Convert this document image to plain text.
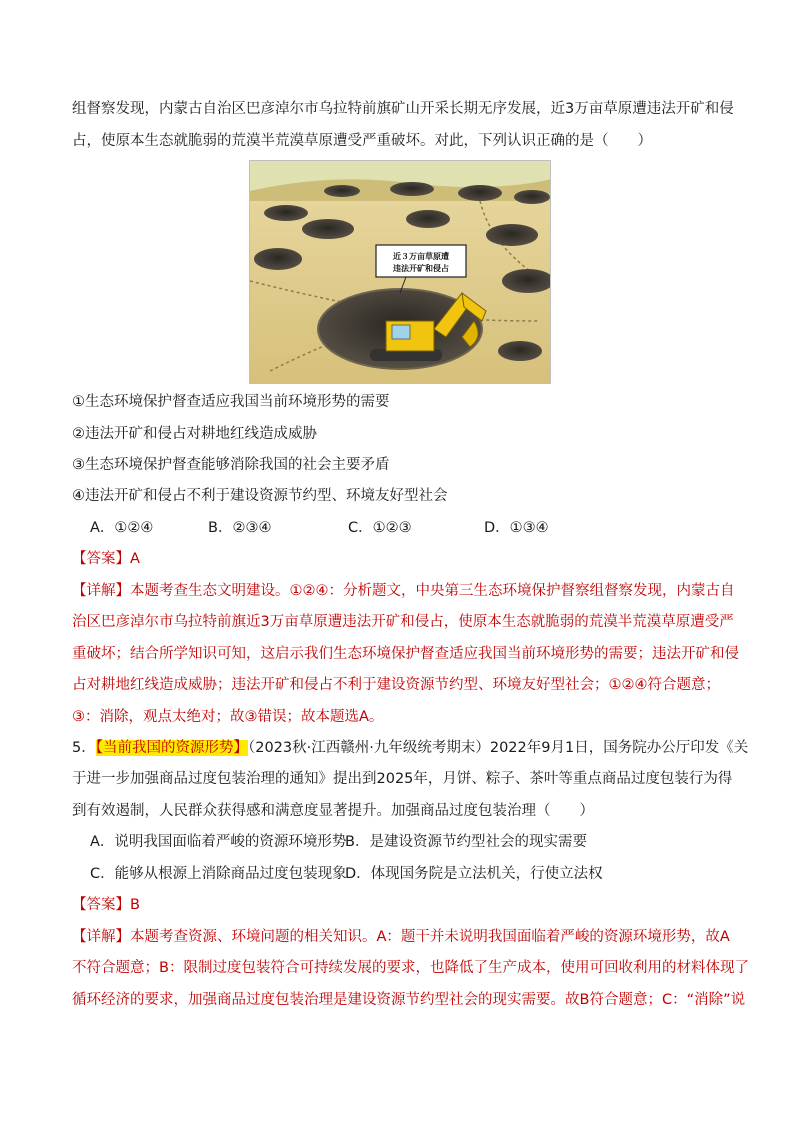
组督察发现，内蒙古自治区巴彦淖尔市乌拉特前旗矿山开采长期无序发展，近3万亩草原遭违法开矿和侵
占，使原本生态就脆弱的荒漠半荒漠草原遭受严重破坏。对此，下列认识正确的是（　　）
近３万亩草原遭
违法开矿和侵占
①生态环境保护督查适应我国当前环境形势的需要
②违法开矿和侵占对耕地红线造成威胁
③生态环境保护督查能够消除我国的社会主要矛盾
④违法开矿和侵占不利于建设资源节约型、环境友好型社会
A．①②④	B．②③④	C．①②③	D．①③④
【答案】A
【详解】本题考查生态文明建设。①②④：分析题文，中央第三生态环境保护督察组督察发现，内蒙古自
治区巴彦淖尔市乌拉特前旗近3万亩草原遭违法开矿和侵占，使原本生态就脆弱的荒漠半荒漠草原遭受严
重破坏；结合所学知识可知，这启示我们生态环境保护督查适应我国当前环境形势的需要；违法开矿和侵
占对耕地红线造成威胁；违法开矿和侵占不利于建设资源节约型、环境友好型社会；①②④符合题意；
③：消除，观点太绝对；故③错误；故本题选A。
5．【当前我国的资源形势】（2023秋·江西赣州·九年级统考期末）2022年9月1日，国务院办公厅印发《关
于进一步加强商品过度包装治理的通知》提出到2025年，月饼、粽子、茶叶等重点商品过度包装行为得
到有效遏制，人民群众获得感和满意度显著提升。加强商品过度包装治理（　　）
A．说明我国面临着严峻的资源环境形势B．是建设资源节约型社会的现实需要
C．能够从根源上消除商品过度包装现象D．体现国务院是立法机关，行使立法权
【答案】B
【详解】本题考查资源、环境问题的相关知识。A：题干并未说明我国面临着严峻的资源环境形势，故A
不符合题意；B：限制过度包装符合可持续发展的要求，也降低了生产成本，使用可回收利用的材料体现了
循环经济的要求，加强商品过度包装治理是建设资源节约型社会的现实需要。故B符合题意；C：“消除”说
